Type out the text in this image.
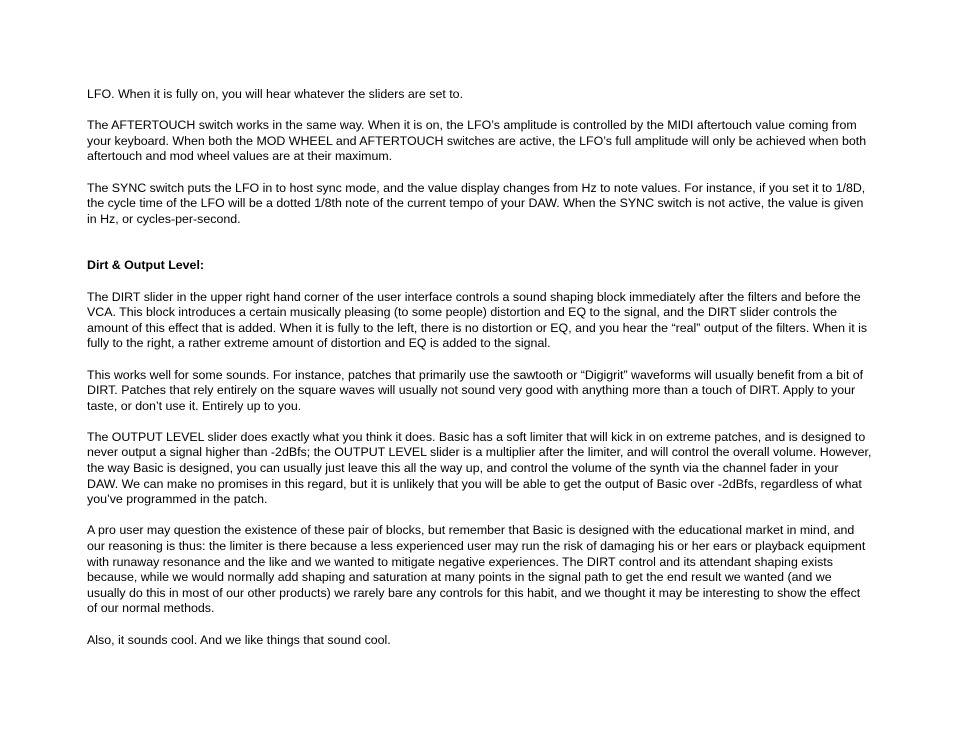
LFO. When it is fully on, you will hear whatever the sliders are set to.

The AFTERTOUCH switch works in the same way. When it is on, the LFO’s amplitude is controlled by the MIDI aftertouch value coming from your keyboard. When both the MOD WHEEL and AFTERTOUCH switches are active, the LFO’s full amplitude will only be achieved when both aftertouch and mod wheel values are at their maximum.

The SYNC switch puts the LFO in to host sync mode, and the value display changes from Hz to note values. For instance, if you set it to 1/8D, the cycle time of the LFO will be a dotted 1/8th note of the current tempo of your DAW. When the SYNC switch is not active, the value is given in Hz, or cycles-per-second.

Dirt & Output Level:

The DIRT slider in the upper right hand corner of the user interface controls a sound shaping block immediately after the filters and before the VCA. This block introduces a certain musically pleasing (to some people) distortion and EQ to the signal, and the DIRT slider controls the amount of this effect that is added. When it is fully to the left, there is no distortion or EQ, and you hear the “real” output of the filters. When it is fully to the right, a rather extreme amount of distortion and EQ is added to the signal.

This works well for some sounds. For instance, patches that primarily use the sawtooth or “Digigrit” waveforms will usually benefit from a bit of DIRT. Patches that rely entirely on the square waves will usually not sound very good with anything more than a touch of DIRT. Apply to your taste, or don’t use it. Entirely up to you.

The OUTPUT LEVEL slider does exactly what you think it does. Basic has a soft limiter that will kick in on extreme patches, and is designed to never output a signal higher than -2dBfs; the OUTPUT LEVEL slider is a multiplier after the limiter, and will control the overall volume. However, the way Basic is designed, you can usually just leave this all the way up, and control the volume of the synth via the channel fader in your DAW. We can make no promises in this regard, but it is unlikely that you will be able to get the output of Basic over -2dBfs, regardless of what you’ve programmed in the patch.

A pro user may question the existence of these pair of blocks, but remember that Basic is designed with the educational market in mind, and our reasoning is thus: the limiter is there because a less experienced user may run the risk of damaging his or her ears or playback equipment with runaway resonance and the like and we wanted to mitigate negative experiences. The DIRT control and its attendant shaping exists because, while we would normally add shaping and saturation at many points in the signal path to get the end result we wanted (and we usually do this in most of our other products) we rarely bare any controls for this habit, and we thought it may be interesting to show the effect of our normal methods.

Also, it sounds cool. And we like things that sound cool.
